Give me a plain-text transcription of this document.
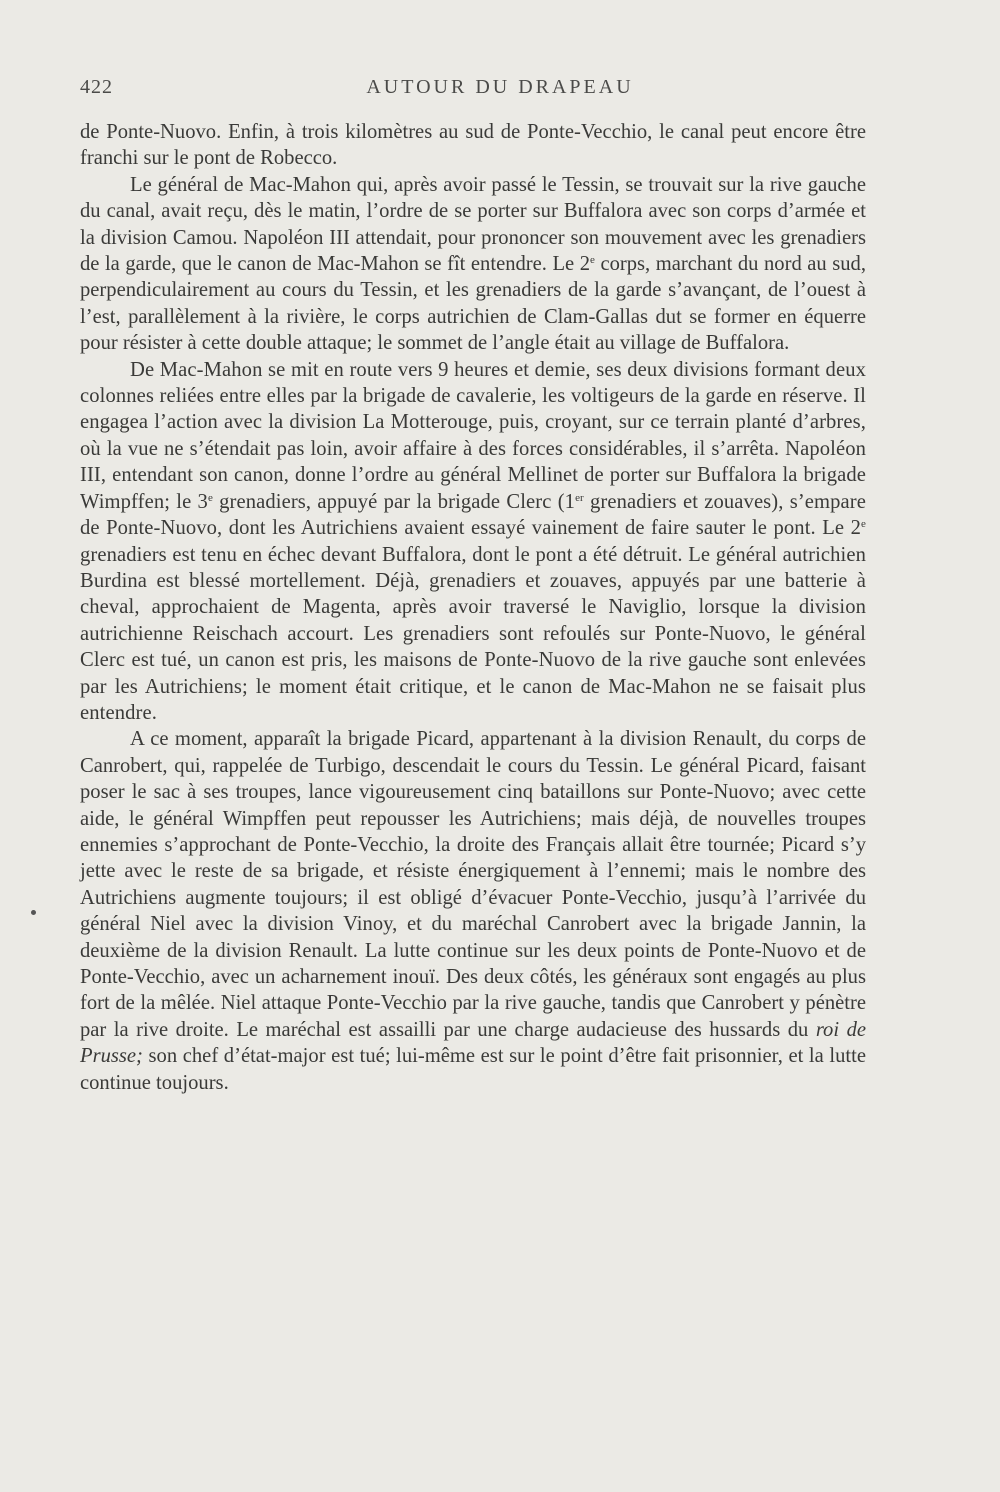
422	AUTOUR DU DRAPEAU

de Ponte-Nuovo. Enfin, à trois kilomètres au sud de Ponte-Vecchio, le canal peut encore être franchi sur le pont de Robecco.

Le général de Mac-Mahon qui, après avoir passé le Tessin, se trouvait sur la rive gauche du canal, avait reçu, dès le matin, l’ordre de se porter sur Buffalora avec son corps d’armée et la division Camou. Napoléon III attendait, pour prononcer son mouvement avec les grenadiers de la garde, que le canon de Mac-Mahon se fît entendre. Le 2e corps, marchant du nord au sud, perpendiculairement au cours du Tessin, et les grenadiers de la garde s’avançant, de l’ouest à l’est, parallèlement à la rivière, le corps autrichien de Clam-Gallas dut se former en équerre pour résister à cette double attaque; le sommet de l’angle était au village de Buffalora.

De Mac-Mahon se mit en route vers 9 heures et demie, ses deux divisions formant deux colonnes reliées entre elles par la brigade de cavalerie, les voltigeurs de la garde en réserve. Il engagea l’action avec la division La Motterouge, puis, croyant, sur ce terrain planté d’arbres, où la vue ne s’étendait pas loin, avoir affaire à des forces considérables, il s’arrêta. Napoléon III, entendant son canon, donne l’ordre au général Mellinet de porter sur Buffalora la brigade Wimpffen; le 3e grenadiers, appuyé par la brigade Clerc (1er grenadiers et zouaves), s’empare de Ponte-Nuovo, dont les Autrichiens avaient essayé vainement de faire sauter le pont. Le 2e grenadiers est tenu en échec devant Buffalora, dont le pont a été détruit. Le général autrichien Burdina est blessé mortellement. Déjà, grenadiers et zouaves, appuyés par une batterie à cheval, approchaient de Magenta, après avoir traversé le Naviglio, lorsque la division autrichienne Reischach accourt. Les grenadiers sont refoulés sur Ponte-Nuovo, le général Clerc est tué, un canon est pris, les maisons de Ponte-Nuovo de la rive gauche sont enlevées par les Autrichiens; le moment était critique, et le canon de Mac-Mahon ne se faisait plus entendre.

A ce moment, apparaît la brigade Picard, appartenant à la division Renault, du corps de Canrobert, qui, rappelée de Turbigo, descendait le cours du Tessin. Le général Picard, faisant poser le sac à ses troupes, lance vigoureusement cinq bataillons sur Ponte-Nuovo; avec cette aide, le général Wimpffen peut repousser les Autrichiens; mais déjà, de nouvelles troupes ennemies s’approchant de Ponte-Vecchio, la droite des Français allait être tournée; Picard s’y jette avec le reste de sa brigade, et résiste énergiquement à l’ennemi; mais le nombre des Autrichiens augmente toujours; il est obligé d’évacuer Ponte-Vecchio, jusqu’à l’arrivée du général Niel avec la division Vinoy, et du maréchal Canrobert avec la brigade Jannin, la deuxième de la division Renault. La lutte continue sur les deux points de Ponte-Nuovo et de Ponte-Vecchio, avec un acharnement inouï. Des deux côtés, les généraux sont engagés au plus fort de la mêlée. Niel attaque Ponte-Vecchio par la rive gauche, tandis que Canrobert y pénètre par la rive droite. Le maréchal est assailli par une charge audacieuse des hussards du roi de Prusse; son chef d’état-major est tué; lui-même est sur le point d’être fait prisonnier, et la lutte continue toujours.
